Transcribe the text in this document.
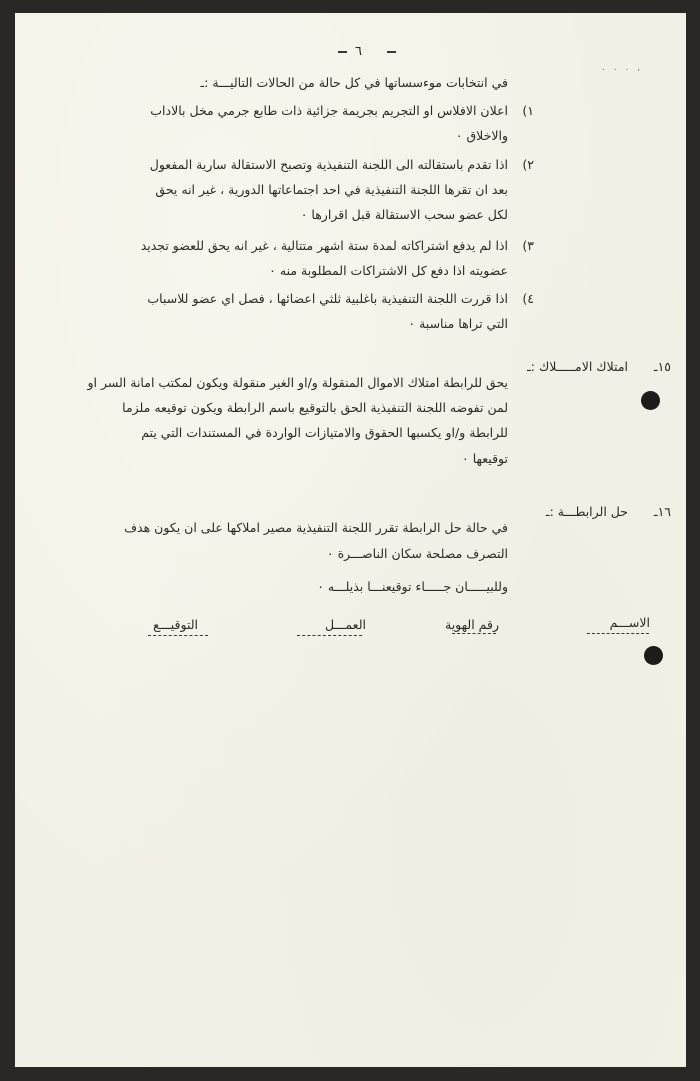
٦
. . . ,
في انتخابات موءسساتها في كل حالة من الحالات التاليـــة :ـ
١)
اعلان الافلاس او التجريم بجريمة جزائية ذات طابع جرمي مخل بالاداب
والاخلاق ٠
٢)
اذا تقدم باستقالته الى اللجنة التنفيذية وتصبح الاستقالة سارية المفعول
بعد ان تقرها اللجنة التنفيذية في احد اجتماعاتها الدورية ، غير انه يحق
لكل عضو سحب الاستقالة قبل اقرارها ٠
٣)
اذا لم يدفع اشتراكاته لمدة ستة اشهر متتالية ، غير انه يحق للعضو تجديد
عضويته اذا دفع كل الاشتراكات المطلوبة منه ٠
٤)
اذا قررت اللجنة التنفيذية باغلبية ثلثي اعضائها ، فصل اي عضو للاسباب
التي تراها مناسبة ٠
١٥ـ
امتلاك الامـــــلاك :ـ
يحق للرابطة امتلاك الاموال المنقولة و/او الغير منقولة ويكون لمكتب امانة السر او
لمن تفوضه اللجنة التنفيذية الحق بالتوقيع باسم الرابطة ويكون توقيعه ملزما
للرابطة و/او يكسبها الحقوق والامتيازات الواردة في المستندات التي يتم
توقيعها ٠
١٦ـ
حل الرابطـــة :ـ
في حالة حل الرابطة تقرر اللجنة التنفيذية مصير املاكها على ان يكون هدف
التصرف مصلحة سكان الناصـــرة ٠
وللبيـــــان جـــــاء توقيعنـــا بذيلـــه ٠
الاســـم
رقم الهوية
العمـــل
التوقيـــع
